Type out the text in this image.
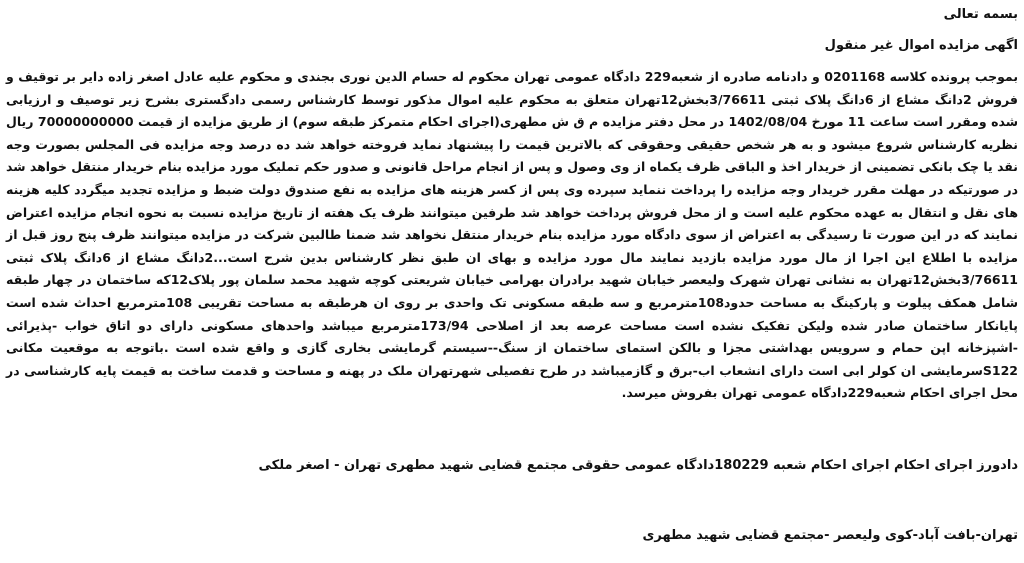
بسمه تعالی

اگهی مزایده اموال غیر منقول

بموجب پرونده کلاسه 0201168 و دادنامه صادره از شعبه229 دادگاه عمومی تهران محکوم له حسام الدین نوری بجندی و محکوم علیه عادل اصغر زاده دایر بر توقیف و فروش 2دانگ مشاع از 6دانگ پلاک ثبتی 3/76611بخش12تهران متعلق به محکوم علیه اموال مذکور توسط کارشناس رسمی دادگستری بشرح زیر توصیف و ارزیابی شده ومقرر است ساعت 11 مورخ 1402/08/04 در محل دفتر مزایده م ق ش مطهری(اجرای احکام متمرکز طبقه سوم) از طریق مزایده از قیمت 70000000000 ریال نظریه کارشناس شروع میشود و به هر شخص حقیقی وحقوقی که بالاترین قیمت را پیشنهاد نماید فروخته خواهد شد ده درصد وجه مزایده فی المجلس بصورت وجه نقد یا چک بانکی تضمینی از خریدار اخذ و الباقی ظرف یکماه از وی وصول و پس از انجام مراحل قانونی و صدور حکم تملیک مورد مزایده بنام خریدار منتقل خواهد شد در صورتیکه در مهلت مقرر خریدار وجه مزایده را پرداخت ننماید سپرده وی پس از کسر هزینه های مزایده به نفع صندوق دولت ضبط و مزایده تجدید میگردد کلیه هزینه های نقل و انتقال به عهده محکوم علیه است و از محل فروش پرداخت خواهد شد طرفین میتوانند ظرف یک هفته از تاریخ مزایده نسبت به نحوه انجام مزایده اعتراض نمایند که در این صورت تا رسیدگی به اعتراض از سوی دادگاه مورد مزایده بنام خریدار منتقل نخواهد شد ضمنا طالبین شرکت در مزایده میتوانند ظرف پنج روز قبل از مزایده با اطلاع این اجرا از مال مورد مزایده بازدید نمایند مال مورد مزایده و بهای ان طبق نظر کارشناس بدین شرح است...2دانگ مشاع از 6دانگ پلاک ثبتی 3/76611بخش12تهران به نشانی تهران شهرک ولیعصر خیابان شهید برادران بهرامی خیابان شریعتی کوچه شهید محمد سلمان پور پلاک12که ساختمان در چهار طبقه شامل همکف پیلوت و پارکینگ به مساحت حدود108مترمربع و سه طبقه مسکونی تک واحدی بر روی ان هرطبقه به مساحت تقریبی 108مترمربع احداث شده است پایانکار ساختمان صادر شده ولیکن تفکیک نشده است مساحت عرصه بعد از اصلاحی 173/94مترمربع میباشد واحدهای مسکونی دارای دو اتاق خواب -پذیرائی -اشپزخانه اپن حمام و سرویس بهداشتی مجزا و بالکن استمای ساختمان از سنگ--سیستم گرمایشی بخاری گازی و واقع شده است .باتوجه به موقعیت مکانی S122سرمایشی ان کولر ابی است دارای انشعاب اب-برق و گازمیباشد در طرح تفصیلی شهرتهران ملک در پهنه و مساحت و قدمت ساخت به قیمت پایه کارشناسی در محل اجرای احکام شعبه229دادگاه عمومی تهران بفروش میرسد.

دادورز اجرای احکام اجرای احکام شعبه 180229دادگاه عمومی حقوقی مجتمع قضایی شهید مطهری تهران - اصغر ملکی

تهران-بافت آباد-کوی ولیعصر -مجتمع قضایی شهید مطهری
